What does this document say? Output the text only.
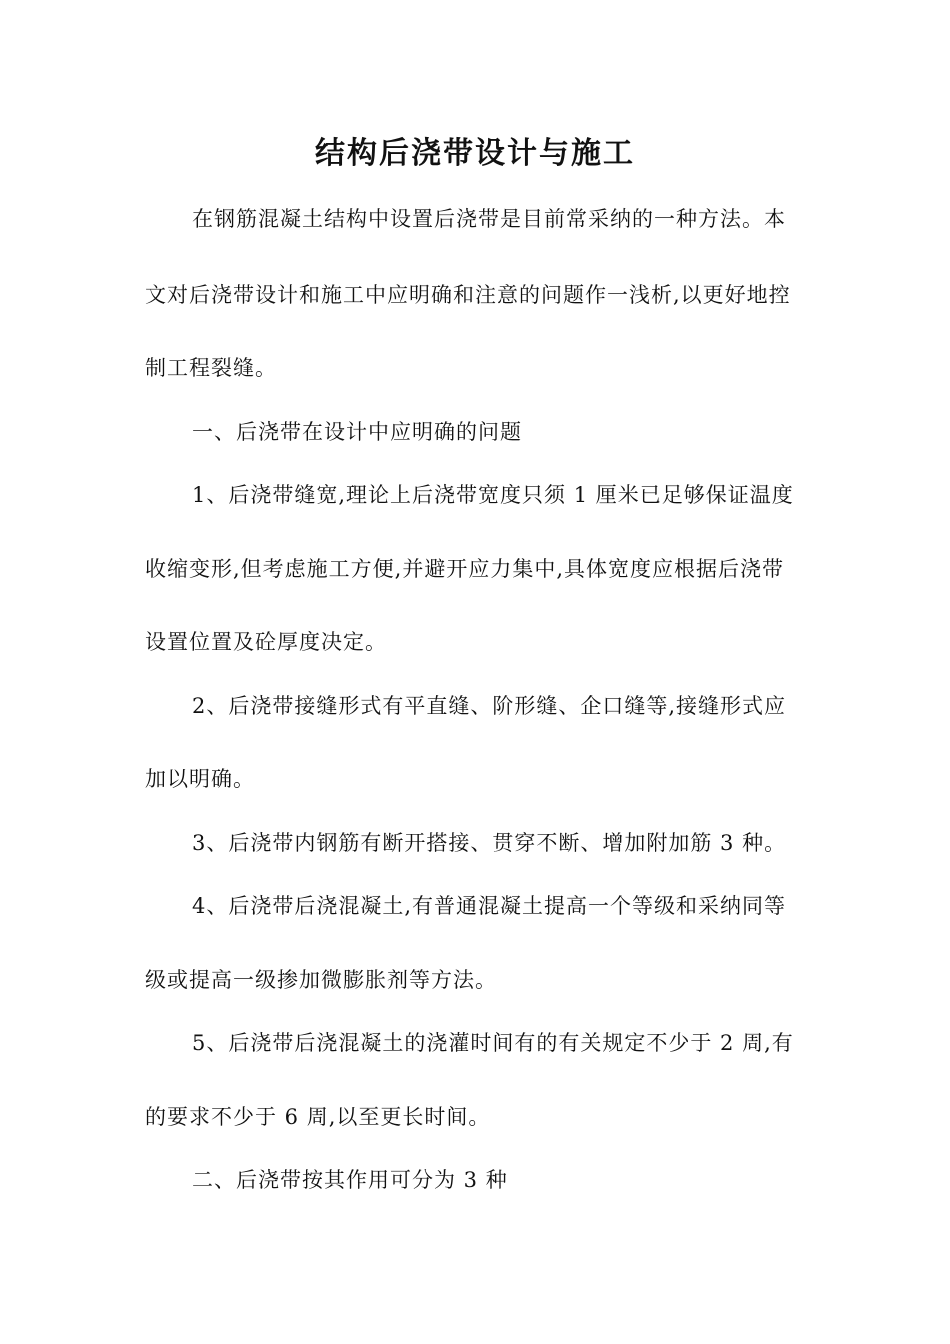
结构后浇带设计与施工
在钢筋混凝土结构中设置后浇带是目前常采纳的一种方法。本
文对后浇带设计和施工中应明确和注意的问题作一浅析,以更好地控
制工程裂缝。
一、后浇带在设计中应明确的问题
1、后浇带缝宽,理论上后浇带宽度只须 1 厘米已足够保证温度
收缩变形,但考虑施工方便,并避开应力集中,具体宽度应根据后浇带
设置位置及砼厚度决定。
2、后浇带接缝形式有平直缝、阶形缝、企口缝等,接缝形式应
加以明确。
3、后浇带内钢筋有断开搭接、贯穿不断、增加附加筋 3 种。
4、后浇带后浇混凝土,有普通混凝土提高一个等级和采纳同等
级或提高一级掺加微膨胀剂等方法。
5、后浇带后浇混凝土的浇灌时间有的有关规定不少于 2 周,有
的要求不少于 6 周,以至更长时间。
二、后浇带按其作用可分为 3 种
